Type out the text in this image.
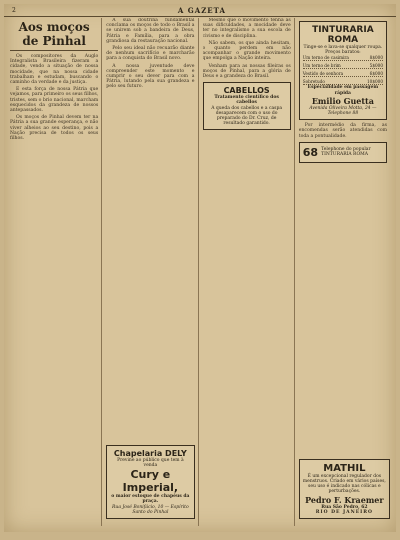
2	A GAZETA
Aos moços de Pinhal

Os compositores da Auglo Integralista Brasileira fizeram a cidade, vendo a situação de nossa mocidade, que na nossa cidade trabalham e estudam, buscando o caminho da verdade e da justiça.

E esta força de nossa Pátria que vejamos, para primeiro os seus filhos, tristes, sem o brio nacional, marcham esquecidos da grandeza de nossos antepassados.

Os moços de Pinhal devem ter na Pátria a sua grande esperança, e não viver alheios ao seu destino, pois a Nação precisa de todos os seus filhos.

A sua doutrina fundamental conclama os moços de todo o Brasil a se unirem sob a bandeira de Deus, Pátria e Família, para a obra grandiosa da restauração nacional.

Pelo seu ideal não recuarão diante de nenhum sacrifício e marcharão para a conquista do Brasil novo.

A nossa juventude deve compreender este momento e cumprir o seu dever para com a Pátria, lutando pela sua grandeza e pelo seu futuro.

Chapelaria DELY
Previne ao público que tem à venda
Cury e Imperial,
o maior estoque de chapéus da praça.
Rua José Bonifácio, 10 — Espírito Santo do Pinhal

Mesmo que o movimento tenha as suas dificuldades, a mocidade deve ter no integralismo a sua escola de civismo e de disciplina.

Não sabem, os que ainda hesitam, o quanto perdem em não acompanhar o grande movimento que empolga a Nação inteira.

Venham para as nossas fileiras os moços de Pinhal, para a glória de Deus e a grandeza do Brasil.

CABELLOS
Tratamento científico dos cabellos
A queda dos cabellos e a caspa desaparecem com o uso do preparado do Dr. Cruz, de resultado garantido.
TINTURARIA ROMA
Tinge-se e lava-se qualquer roupa. Preços baratos:
Um terno de casimira	8$000
Um terno de brim	5$000
Vestido de senhora	6$000
Sobretudo	10$000
Especialidade em passagem rápida
Emilio Guetta
Avenida Oliveira Motta, 24 — Telephone 88

Por intermédio da firma, as encomendas serão atendidas com toda a pontualidade.

68 Telephone do popular TINTURARIA ROMA
MATHIL
É um excepcional regulador dos menstruos. Criado em vários países, seu uso é indicado nas cólicas e perturbações.
Pedro F. Kraemer
Rua São Pedro, 62
RIO DE JANEIRO
